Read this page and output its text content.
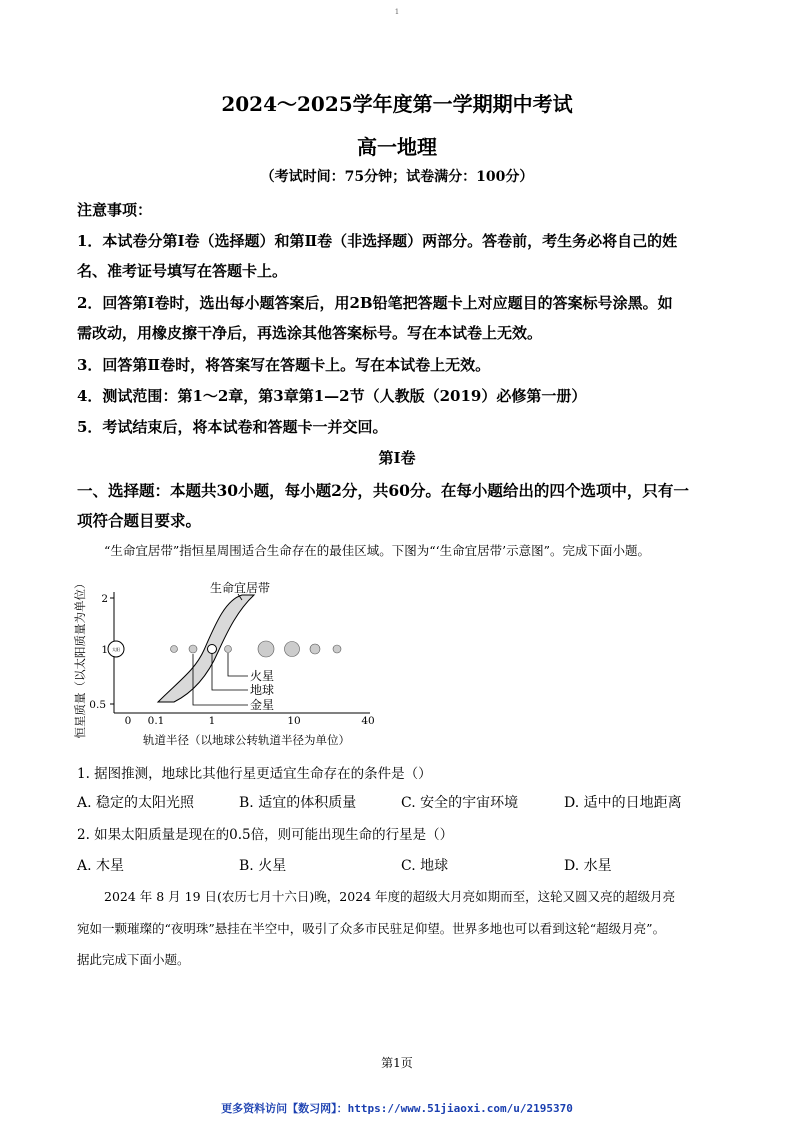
1
2024～2025学年度第一学期期中考试
高一地理
（考试时间：75分钟；试卷满分：100分）
注意事项：
1．本试卷分第Ⅰ卷（选择题）和第Ⅱ卷（非选择题）两部分。答卷前，考生务必将自己的姓
名、准考证号填写在答题卡上。
2．回答第Ⅰ卷时，选出每小题答案后，用2B铅笔把答题卡上对应题目的答案标号涂黑。如
需改动，用橡皮擦干净后，再选涂其他答案标号。写在本试卷上无效。
3．回答第Ⅱ卷时，将答案写在答题卡上。写在本试卷上无效。
4．测试范围：第1～2章，第3章第1—2节（人教版（2019）必修第一册）
5．考试结束后，将本试卷和答题卡一并交回。
第Ⅰ卷
一、选择题：本题共30小题，每小题2分，共60分。在每小题给出的四个选项中，只有一
项符合题目要求。
“生命宜居带”指恒星周围适合生命存在的最佳区域。下图为“‘生命宜居带’示意图”。完成下面小题。
恒星质量（以太阳质量为单位） 2
1
0.5
0 0.1	1	10	40
生命宜居带
太阳
火星
地球
金星
轨道半径（以地球公转轨道半径为单位）
1. 据图推测，地球比其他行星更适宜生命存在的条件是（）
A. 稳定的太阳光照	B. 适宜的体积质量	C. 安全的宇宙环境	D. 适中的日地距离
2. 如果太阳质量是现在的0.5倍，则可能出现生命的行星是（）
A. 木星	B. 火星	C. 地球	D. 水星
2024 年 8 月 19 日(农历七月十六日)晚，2024 年度的超级大月亮如期而至，这轮又圆又亮的超级月亮
宛如一颗璀璨的“夜明珠”悬挂在半空中，吸引了众多市民驻足仰望。世界多地也可以看到这轮“超级月亮”。
据此完成下面小题。
第1页
更多资料访问【数习网】：https://www.51jiaoxi.com/u/2195370
